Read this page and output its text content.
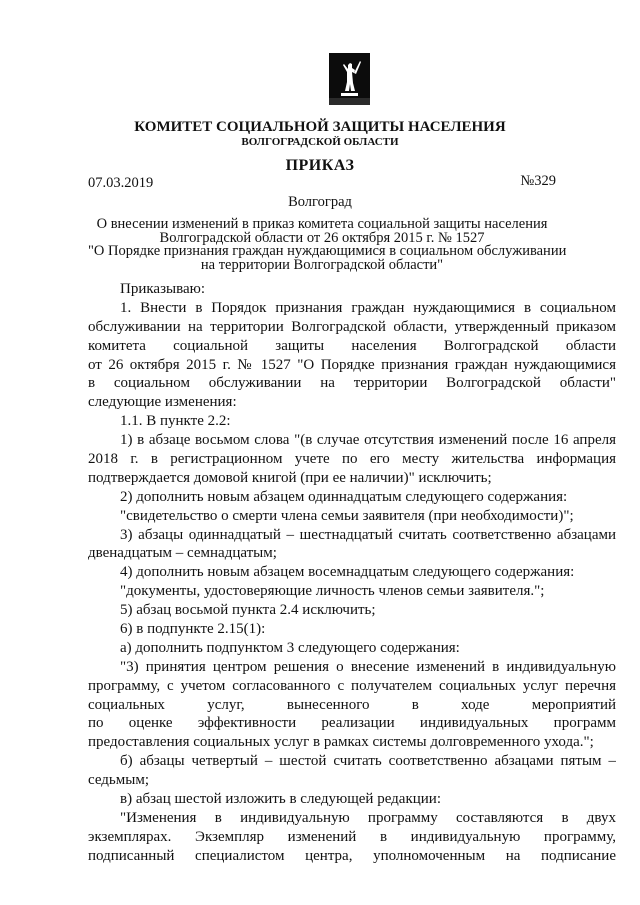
КОМИТЕТ СОЦИАЛЬНОЙ ЗАЩИТЫ НАСЕЛЕНИЯ
ВОЛГОГРАДСКОЙ ОБЛАСТИ
ПРИКАЗ
07.03.2019	№329
Волгоград
О внесении изменений в приказ комитета социальной защиты населения
Волгоградской области от 26 октября 2015 г. № 1527
"О Порядке признания граждан нуждающимися в социальном обслуживании
на территории Волгоградской области"
Приказываю:
1. Внести в Порядок признания граждан нуждающимися в социальном
обслуживании на территории Волгоградской области, утвержденный приказом
комитета социальной защиты населения Волгоградской области
от 26 октября 2015 г. № 1527 "О Порядке признания граждан нуждающимися
в социальном обслуживании на территории Волгоградской области"
следующие изменения:
1.1. В пункте 2.2:
1) в абзаце восьмом слова "(в случае отсутствия изменений после 16 апреля
2018 г. в регистрационном учете по его месту жительства информация
подтверждается домовой книгой (при ее наличии)" исключить;
2) дополнить новым абзацем одиннадцатым следующего содержания:
"свидетельство о смерти члена семьи заявителя (при необходимости)";
3) абзацы одиннадцатый – шестнадцатый считать соответственно абзацами
двенадцатым – семнадцатым;
4) дополнить новым абзацем восемнадцатым следующего содержания:
"документы, удостоверяющие личность членов семьи заявителя.";
5) абзац восьмой пункта 2.4 исключить;
6) в подпункте 2.15(1):
а) дополнить подпунктом 3 следующего содержания:
"3) принятия центром решения о внесение изменений в индивидуальную
программу, с учетом согласованного с получателем социальных услуг перечня
социальных услуг, вынесенного в ходе мероприятий
по оценке эффективности реализации индивидуальных программ
предоставления социальных услуг в рамках системы долговременного ухода.";
б) абзацы четвертый – шестой считать соответственно абзацами пятым –
седьмым;
в) абзац шестой изложить в следующей редакции:
"Изменения в индивидуальную программу составляются в двух
экземплярах. Экземпляр изменений в индивидуальную программу,
подписанный специалистом центра, уполномоченным на подписание
